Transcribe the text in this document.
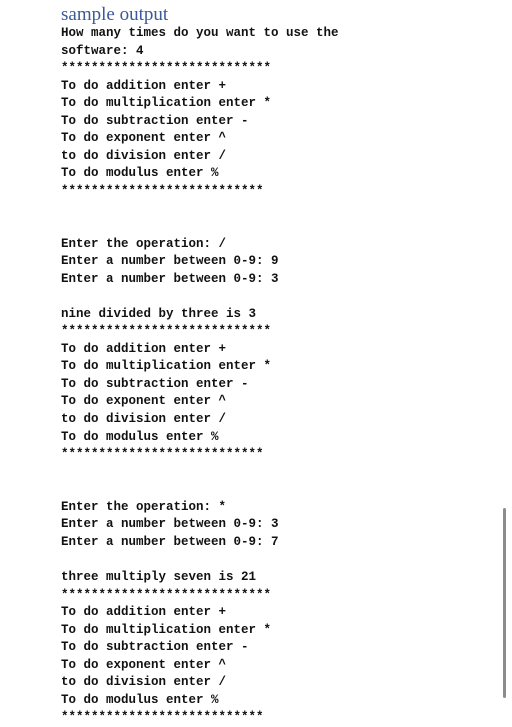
sample output
How many times do you want to use the
software: 4
****************************
To do addition enter +
To do multiplication enter *
To do subtraction enter -
To do exponent enter ^
to do division enter /
To do modulus enter %
***************************
Enter the operation: /
Enter a number between 0-9: 9
Enter a number between 0-9: 3
nine divided by three is 3
****************************
To do addition enter +
To do multiplication enter *
To do subtraction enter -
To do exponent enter ^
to do division enter /
To do modulus enter %
***************************
Enter the operation: *
Enter a number between 0-9: 3
Enter a number between 0-9: 7
three multiply seven is 21
****************************
To do addition enter +
To do multiplication enter *
To do subtraction enter -
To do exponent enter ^
to do division enter /
To do modulus enter %
***************************
